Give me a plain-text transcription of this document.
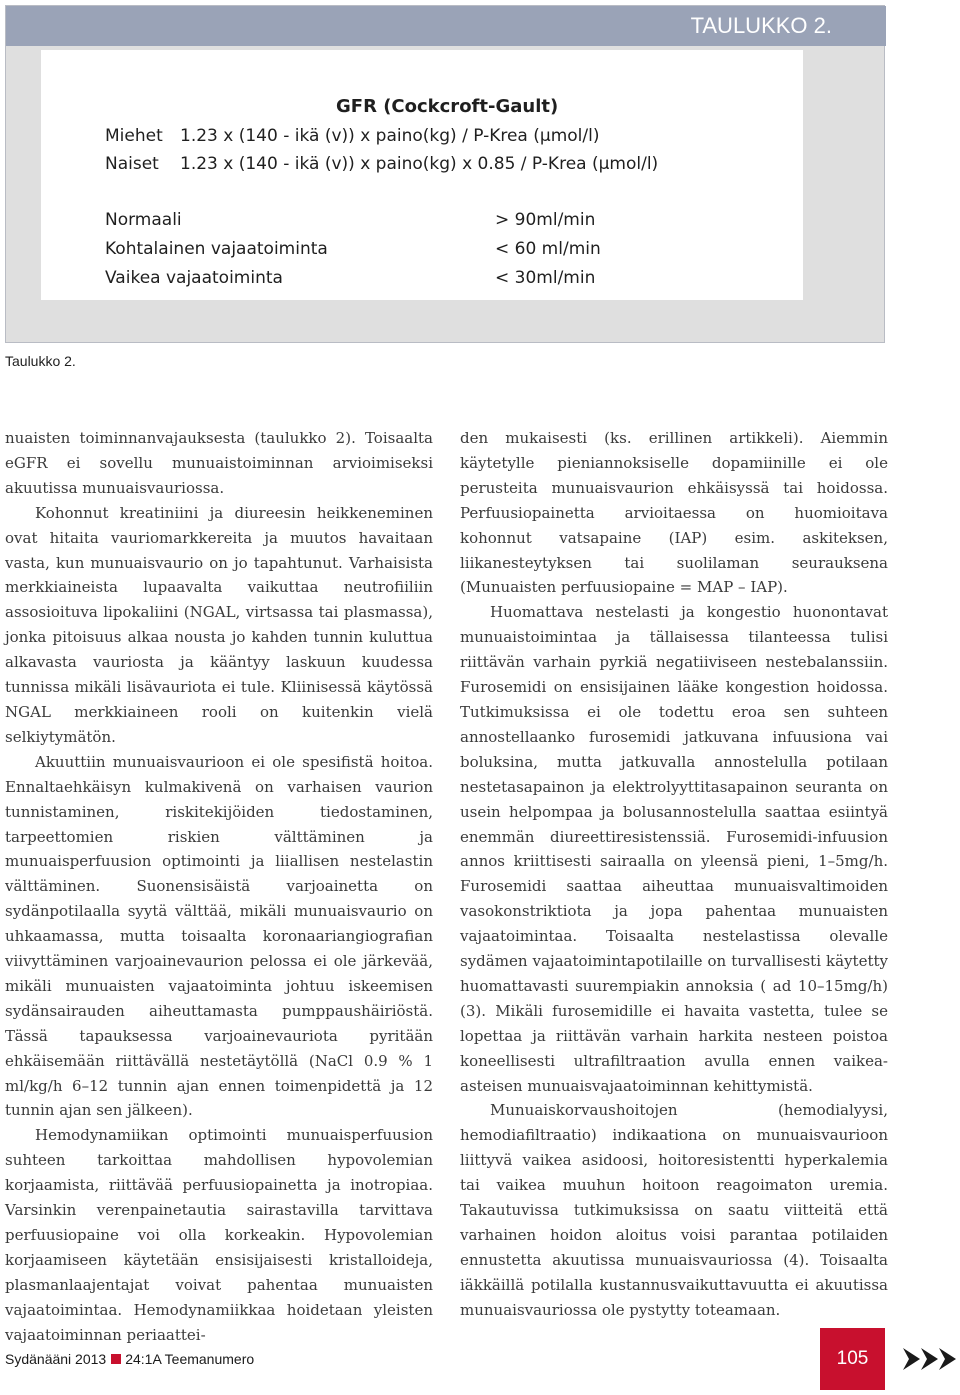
TAULUKKO 2.
GFR (Cockcroft-Gault)
Miehet 1.23 x (140 - ikä (v)) x paino(kg) / P-Krea (µmol/l)
Naiset 1.23 x (140 - ikä (v)) x paino(kg) x 0.85 / P-Krea (µmol/l)
Normaali	> 90ml/min
Kohtalainen vajaatoiminta	< 60 ml/min
Vaikea vajaatoiminta	< 30ml/min
Taulukko 2.

nuaisten toiminnanvajauksesta (taulukko 2). Toisaalta eGFR ei sovellu munuaistoiminnan arvioimiseksi akuutissa munuaisvauriossa.

Kohonnut kreatiniini ja diureesin heikkeneminen ovat hitaita vauriomarkkereita ja muutos havaitaan vasta, kun munuaisvaurio on jo tapahtunut. Varhaisista merkkiaineista lupaavalta vaikuttaa neutrofiiliin assosioituva lipokaliini (NGAL, virtsassa tai plasmassa), jonka pitoisuus alkaa nousta jo kahden tunnin kuluttua alkavasta vauriosta ja kääntyy laskuun kuudessa tunnissa mikäli lisävauriota ei tule. Kliinisessä käytössä NGAL merkkiaineen rooli on kuitenkin vielä selkiytymätön.

Akuuttiin munuaisvaurioon ei ole spesifistä hoitoa. Ennaltaehkäisyn kulmakivenä on varhaisen vaurion tunnistaminen, riskitekijöiden tiedostaminen, tarpeettomien riskien välttäminen ja munuaisperfuusion optimointi ja liiallisen nestelastin välttäminen. Suonensisäistä varjoainetta on sydänpotilaalla syytä välttää, mikäli munuaisvaurio on uhkaamassa, mutta toisaalta koronaariangiografian viivyttäminen varjoainevaurion pelossa ei ole järkevää, mikäli munuaisten vajaatoiminta johtuu iskeemisen sydänsairauden aiheuttamasta pumppaushäiriöstä. Tässä tapauksessa varjoainevauriota pyritään ehkäisemään riittävällä nestetäytöllä (NaCl 0.9 % 1 ml/kg/h 6–12 tunnin ajan ennen toimenpidettä ja 12 tunnin ajan sen jälkeen).

Hemodynamiikan optimointi munuaisperfuusion suhteen tarkoittaa mahdollisen hypovolemian korjaamista, riittävää perfuusiopainetta ja inotropiaa. Varsinkin verenpainetautia sairastavilla tarvittava perfuusiopaine voi olla korkeakin. Hypovolemian korjaamiseen käytetään ensisijaisesti kristalloideja, plasmanlaajentajat voivat pahentaa munuaisten vajaatoimintaa. Hemodynamiikkaa hoidetaan yleisten vajaatoiminnan periaattei-

den mukaisesti (ks. erillinen artikkeli). Aiemmin käytetylle pieniannoksiselle dopamiinille ei ole perusteita munuaisvaurion ehkäisyssä tai hoidossa. Perfuusiopainetta arvioitaessa on huomioitava kohonnut vatsapaine (IAP) esim. askiteksen, liikanesteytyksen tai suolilaman seurauksena (Munuaisten perfuusiopaine = MAP – IAP).

Huomattava nestelasti ja kongestio huonontavat munuaistoimintaa ja tällaisessa tilanteessa tulisi riittävän varhain pyrkiä negatiiviseen nestebalanssiin. Furosemidi on ensisijainen lääke kongestion hoidossa. Tutkimuksissa ei ole todettu eroa sen suhteen annostellaanko furosemidi jatkuvana infuusiona vai boluksina, mutta jatkuvalla annostelulla potilaan nestetasapainon ja elektrolyyttitasapainon seuranta on usein helpompaa ja bolusannostelulla saattaa esiintyä enemmän diureettiresistenssiä. Furosemidi-infuusion annos kriittisesti sairaalla on yleensä pieni, 1–5mg/h. Furosemidi saattaa aiheuttaa munuaisvaltimoiden vasokonstriktiota ja jopa pahentaa munuaisten vajaatoimintaa. Toisaalta nestelastissa olevalle sydämen vajaatoimintapotilaille on turvallisesti käytetty huomattavasti suurempiakin annoksia ( ad 10–15mg/h) (3). Mikäli furosemidille ei havaita vastetta, tulee se lopettaa ja riittävän varhain harkita nesteen poistoa koneellisesti ultrafiltraation avulla ennen vaikea-asteisen munuaisvajaatoiminnan kehittymistä.

Munuaiskorvaushoitojen (hemodialyysi, hemodiafiltraatio) indikaationa on munuaisvaurioon liittyvä vaikea asidoosi, hoitoresistentti hyperkalemia tai vaikea muuhun hoitoon reagoimaton uremia. Takautuvissa tutkimuksissa on saatu viitteitä että varhainen hoidon aloitus voisi parantaa potilaiden ennustetta akuutissa munuaisvauriossa (4). Toisaalta iäkkäillä potilalla kustannusvaikuttavuutta ei akuutissa munuaisvauriossa ole pystytty toteamaan.

Sydänääni 2013 24:1A Teemanumero	105
